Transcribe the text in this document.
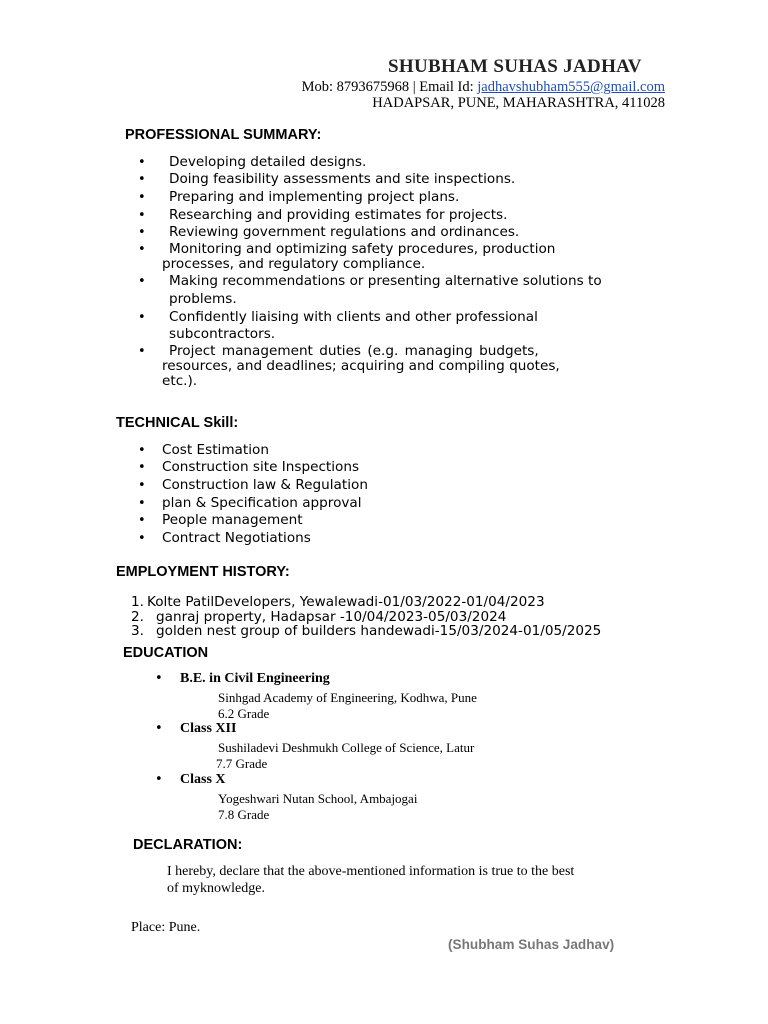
SHUBHAM SUHAS JADHAV
Mob: 8793675968 | Email Id: jadhavshubham555@gmail.com
HADAPSAR, PUNE, MAHARASHTRA, 411028
PROFESSIONAL SUMMARY:
• Developing detailed designs.
• Doing feasibility assessments and site inspections.
• Preparing and implementing project plans.
• Researching and providing estimates for projects.
• Reviewing government regulations and ordinances.
• Monitoring and optimizing safety procedures, production
processes, and regulatory compliance.
• Making recommendations or presenting alternative solutions to
problems.
• Confidently liaising with clients and other professional
subcontractors.
• Project management duties (e.g. managing budgets,
resources, and deadlines; acquiring and compiling quotes,
etc.).
TECHNICAL Skill:
• Cost Estimation
• Construction site Inspections
• Construction law & Regulation
• plan & Specification approval
• People management
• Contract Negotiations
EMPLOYMENT HISTORY:
1. Kolte PatilDevelopers, Yewalewadi-01/03/2022-01/04/2023
2. ganraj property, Hadapsar -10/04/2023-05/03/2024
3. golden nest group of builders handewadi-15/03/2024-01/05/2025
EDUCATION
• B.E. in Civil Engineering
Sinhgad Academy of Engineering, Kodhwa, Pune
6.2 Grade
• Class XII
Sushiladevi Deshmukh College of Science, Latur
7.7 Grade
• Class X
Yogeshwari Nutan School, Ambajogai
7.8 Grade
DECLARATION:
I hereby, declare that the above-mentioned information is true to the best
of myknowledge.
Place: Pune.
(Shubham Suhas Jadhav)
